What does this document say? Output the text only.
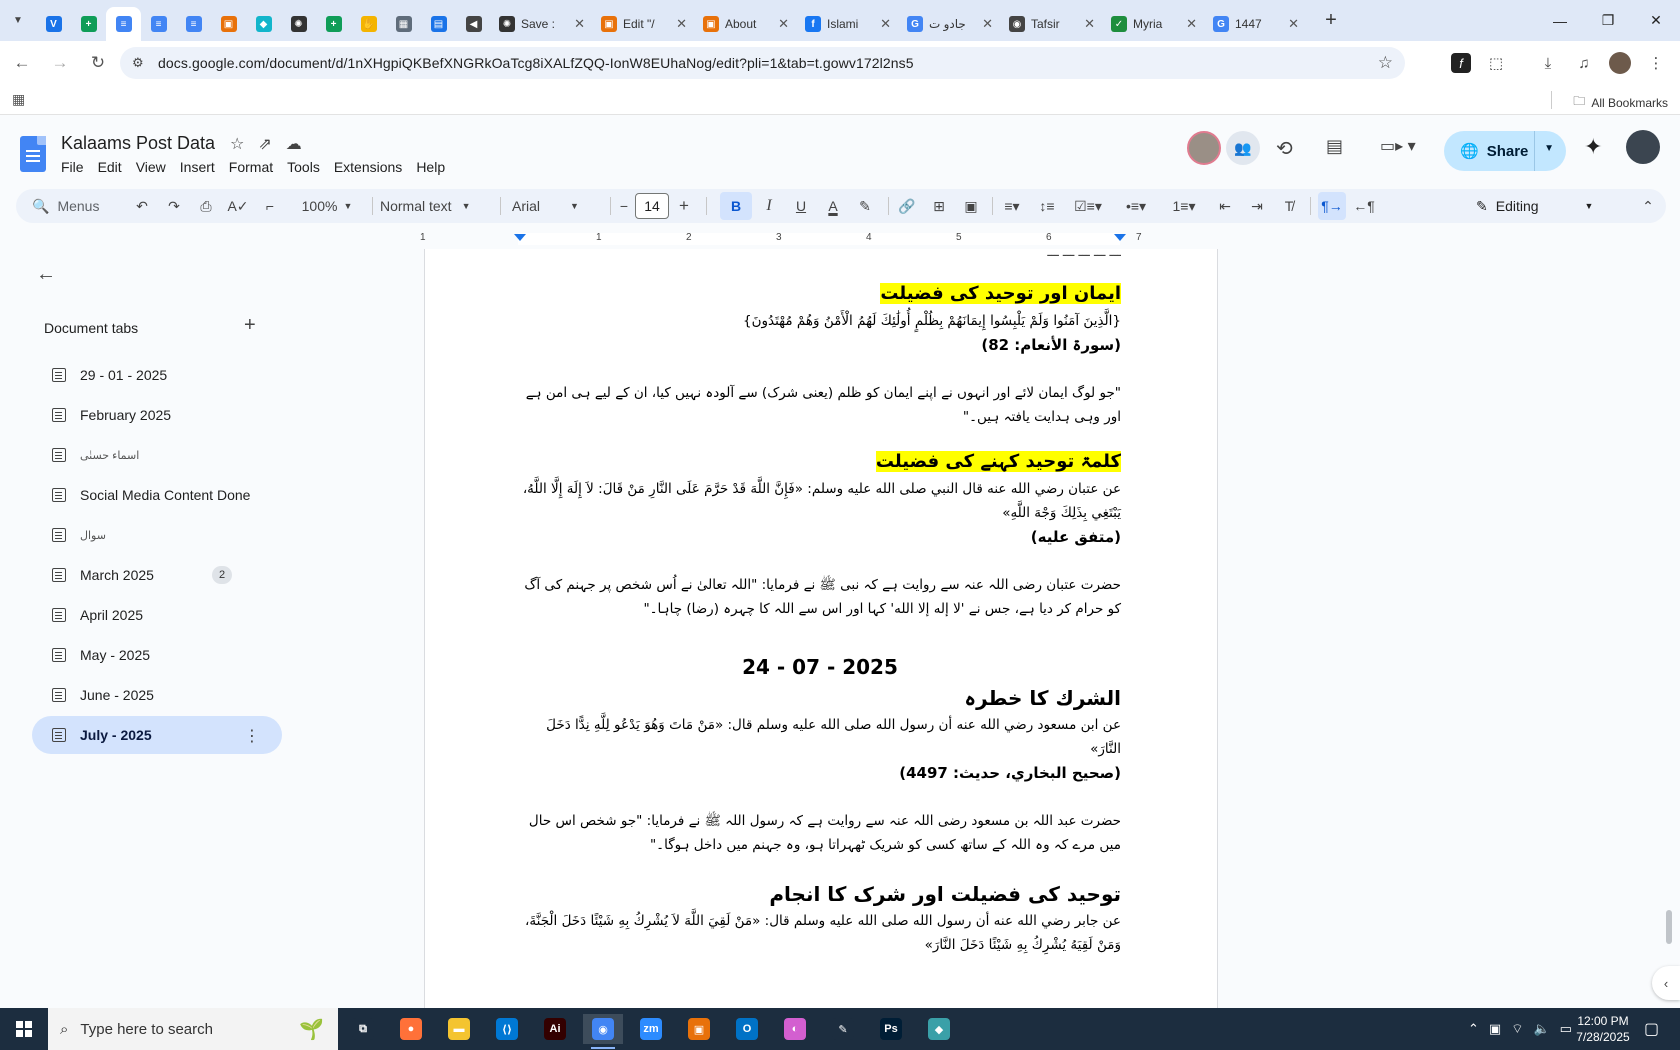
▼	V	+	≡	≡	≡	▣	◆	✺	+	✋	▦	▤	◀	✺ Save :	✕	▣ Edit "/	✕	▣ About	✕	f	Islami	✕	G جادو ت	✕	◉ Tafsir	✕	✓ Myria	✕	G 1447	✕	+	—	❐	✕
←	→	↻	⚙	docs.google.com/document/d/1nXHgpiQKBefXNGRkOaTcg8iXALfZQQ-IonW8EUhaNog/edit?pli=1&tab=t.gowv172l2ns5	☆	f	⬚	⤓	♫	⋮
▦	🗀 All Bookmarks
Kalaams Post Data ☆ ⇗ ☁
File Edit View Insert Format Tools Extensions Help
👥	⟲ ▤ ▭▸ ▾	🌐 Share ▼ ✦
🔍 Menus	↶	↷	⎙	A✓	⌐	100% ▼ Normal text ▼	Arial	▼	−	14	+	B	I	U	A	✎	🔗	⊞	▣	≡▾	↕≡	☑≡▾	•≡▾	1≡▾	⇤	⇥	T̸	¶→ ←¶	✎ Editing	▼	⌃
←
Document tabs	+
29 - 01 - 2025
February 2025
اسماء حسنٰی
Social Media Content Done
سوال
March 2025	2
April 2025
May - 2025
June - 2025
July - 2025	⋮
1	1	2	3	4	5	6	7
ـــ ـــ ـــ ـــ ـــ
ایمان اور توحید کی فضیلت
{الَّذِينَ آمَنُوا وَلَمْ يَلْبِسُوا إِيمَانَهُمْ بِظُلْمٍ أُولَٰئِكَ لَهُمُ الْأَمْنُ وَهُمْ مُهْتَدُونَ}
(سورۃ الأنعام: 82)
"جو لوگ ایمان لائے اور انہوں نے اپنے ایمان کو ظلم (یعنی شرک) سے آلودہ نہیں کیا، ان کے لیے ہی امن ہے اور وہی ہدایت یافتہ ہیں۔"
کلمۃ توحید کہنے کی فضیلت
عن عتبان رضي الله عنه قال النبي صلى الله عليه وسلم: «فَإِنَّ اللَّهَ قَدْ حَرَّمَ عَلَى النَّارِ مَنْ قَالَ: لاَ إِلَهَ إِلَّا اللَّهُ، يَبْتَغِي بِذَلِكَ وَجْهَ اللَّهِ»
(متفق عليه)
حضرت عتبان رضی اللہ عنہ سے روایت ہے کہ نبی ﷺ نے فرمایا: "اللہ تعالیٰ نے اُس شخص پر جہنم کی آگ کو حرام کر دیا ہے، جس نے 'لا إله إلا الله' کہا اور اس سے اللہ کا چہرہ (رضا) چاہا۔"
24 - 07 - 2025
الشرك کا خطرہ
عن ابن مسعود رضي الله عنه أن رسول الله صلى الله عليه وسلم قال: «مَنْ مَاتَ وَهُوَ يَدْعُو لِلَّهِ نِدًّا دَخَلَ النَّارَ»
(صحيح البخاري، حديث: 4497)
حضرت عبد اللہ بن مسعود رضی اللہ عنہ سے روایت ہے کہ رسول اللہ ﷺ نے فرمایا: "جو شخص اس حال میں مرے کہ وہ اللہ کے ساتھ کسی کو شریک ٹھہراتا ہو، وہ جہنم میں داخل ہوگا۔"
توحید کی فضیلت اور شرک کا انجام
عن جابر رضي الله عنه أن رسول الله صلى الله عليه وسلم قال: «مَنْ لَقِيَ اللَّهَ لاَ يُشْرِكُ بِهِ شَيْئًا دَخَلَ الْجَنَّةَ، وَمَنْ لَقِيَهُ يُشْرِكُ بِهِ شَيْئًا دَخَلَ النَّارَ»
‹
⌕ Type here to search	🌱	⧉	●	▬	⟨⟩	Ai	◉	zm	▣	O	◐	✎	Ps	◆	⌃ ▣ ⌔ 🔈 ▭ 12:00 PM
7/28/2025 ▢
